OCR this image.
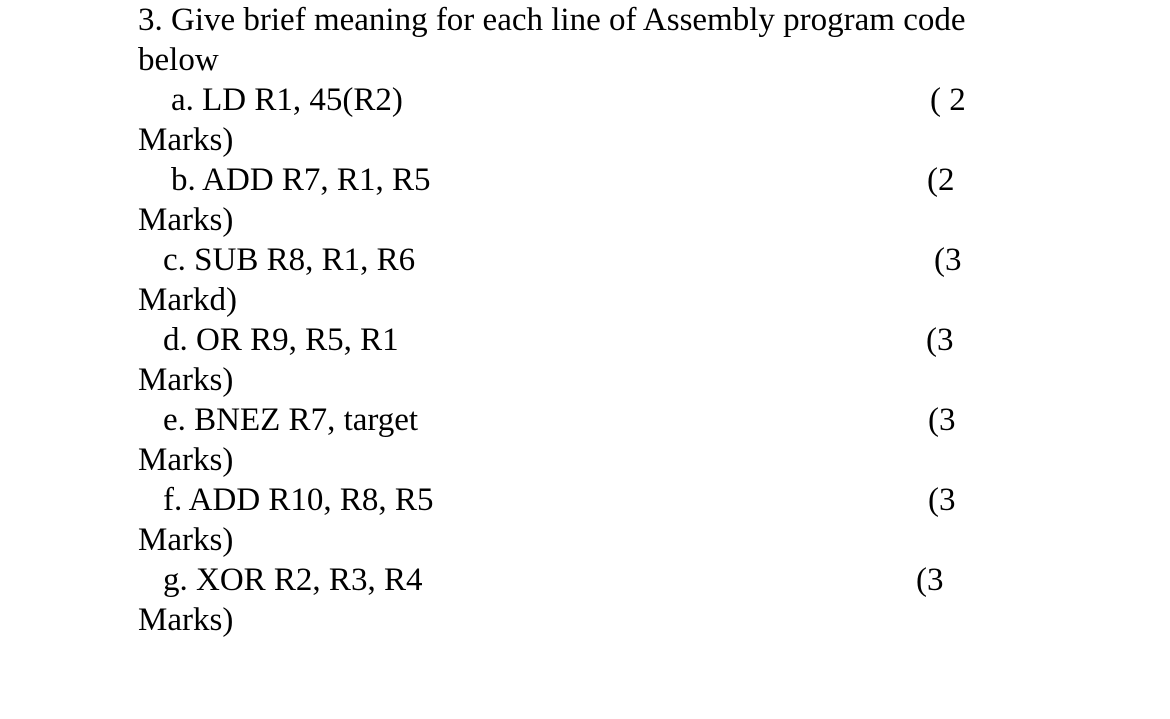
3. Give brief meaning for each line of Assembly program code
below
a. LD R1, 45(R2)	( 2
Marks)
b. ADD R7, R1, R5	(2
Marks)
c. SUB R8, R1, R6	(3
Markd)
d. OR R9, R5, R1	(3
Marks)
e. BNEZ R7, target	(3
Marks)
f. ADD R10, R8, R5	(3
Marks)
g. XOR R2, R3, R4	(3
Marks)
